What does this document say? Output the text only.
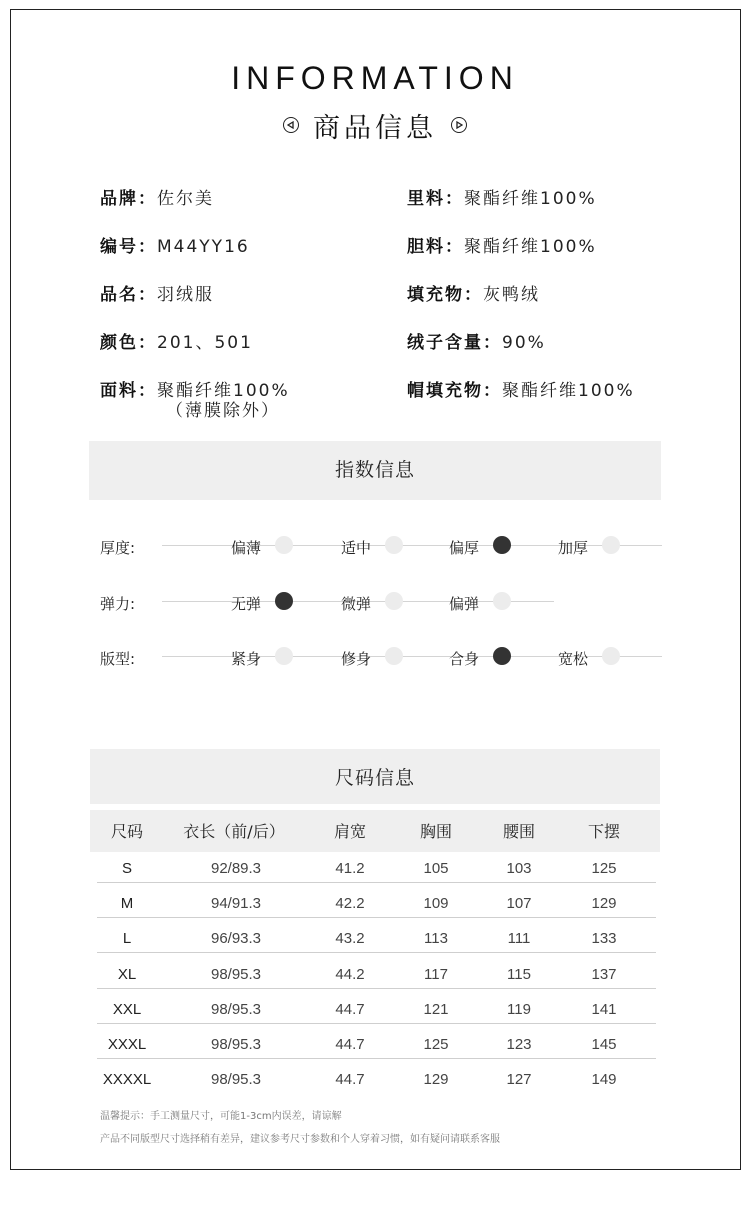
INFORMATION
商品信息
品牌：佐尔美
编号：M44YY16
品名：羽绒服
颜色：201、501
面料：聚酯纤维100%
（薄膜除外）
里料：聚酯纤维100%
胆料：聚酯纤维100%
填充物：灰鸭绒
绒子含量：90%
帽填充物：聚酯纤维100%
指数信息
厚度:	偏薄	适中	偏厚	加厚
弹力:	无弹	微弹	偏弹
版型:	紧身	修身	合身	宽松
尺码信息
尺码	衣长（前/后）	肩宽	胸围	腰围	下摆
S	92/89.3	41.2	105	103	125
M	94/91.3	42.2	109	107	129
L	96/93.3	43.2	113	111	133
XL	98/95.3	44.2	117	115	137
XXL	98/95.3	44.7	121	119	141
XXXL	98/95.3	44.7	125	123	145
XXXXL	98/95.3	44.7	129	127	149
温馨提示：手工测量尺寸，可能1-3cm内误差，请谅解
产品不同版型尺寸选择稍有差异，建议参考尺寸参数和个人穿着习惯，如有疑问请联系客服
